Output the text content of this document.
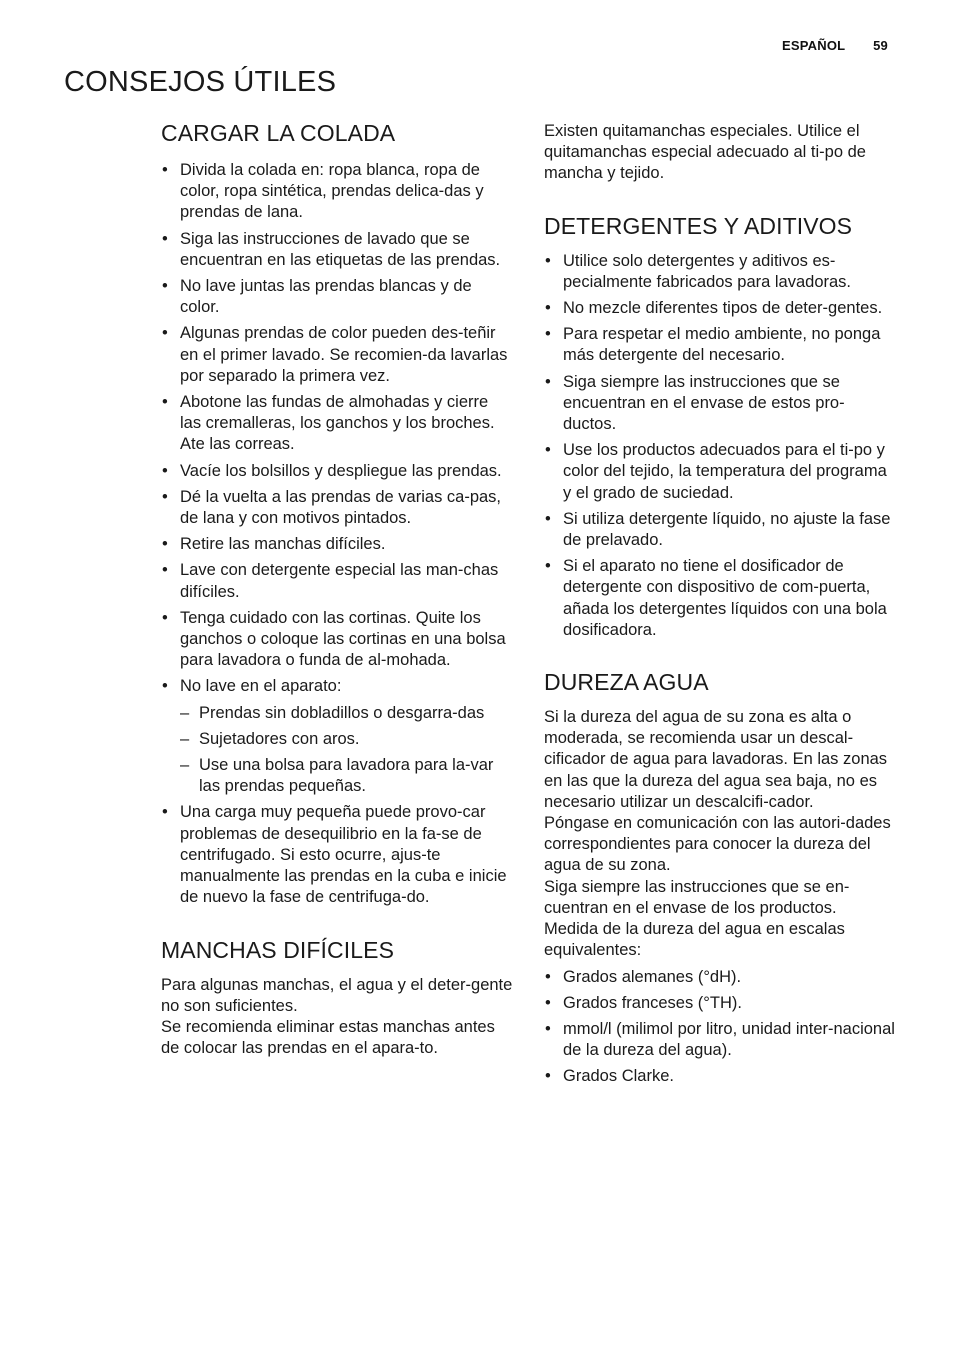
ESPAÑOL 59
CONSEJOS ÚTILES
CARGAR LA COLADA
• Divida la colada en: ropa blanca, ropa de color, ropa sintética, prendas delica-das y prendas de lana.
• Siga las instrucciones de lavado que se encuentran en las etiquetas de las prendas.
• No lave juntas las prendas blancas y de color.
• Algunas prendas de color pueden des-teñir en el primer lavado. Se recomien-da lavarlas por separado la primera vez.
• Abotone las fundas de almohadas y cierre las cremalleras, los ganchos y los broches. Ate las correas.
• Vacíe los bolsillos y despliegue las prendas.
• Dé la vuelta a las prendas de varias ca-pas, de lana y con motivos pintados.
• Retire las manchas difíciles.
• Lave con detergente especial las man-chas difíciles.
• Tenga cuidado con las cortinas. Quite los ganchos o coloque las cortinas en una bolsa para lavadora o funda de al-mohada.
• No lave en el aparato:
– Prendas sin dobladillos o desgarra-das
– Sujetadores con aros.
– Use una bolsa para lavadora para la-var las prendas pequeñas.
• Una carga muy pequeña puede provo-car problemas de desequilibrio en la fa-se de centrifugado. Si esto ocurre, ajus-te manualmente las prendas en la cuba e inicie de nuevo la fase de centrifuga-do.
MANCHAS DIFÍCILES

Para algunas manchas, el agua y el deter-gente no son suficientes.

Se recomienda eliminar estas manchas antes de colocar las prendas en el apara-to.

Existen quitamanchas especiales. Utilice el quitamanchas especial adecuado al ti-po de mancha y tejido.

DETERGENTES Y ADITIVOS
• Utilice solo detergentes y aditivos es-pecialmente fabricados para lavadoras.
• No mezcle diferentes tipos de deter-gentes.
• Para respetar el medio ambiente, no ponga más detergente del necesario.
• Siga siempre las instrucciones que se encuentran en el envase de estos pro-ductos.
• Use los productos adecuados para el ti-po y color del tejido, la temperatura del programa y el grado de suciedad.
• Si utiliza detergente líquido, no ajuste la fase de prelavado.
• Si el aparato no tiene el dosificador de detergente con dispositivo de com-puerta, añada los detergentes líquidos con una bola dosificadora.
DUREZA AGUA

Si la dureza del agua de su zona es alta o moderada, se recomienda usar un descal-cificador de agua para lavadoras. En las zonas en las que la dureza del agua sea baja, no es necesario utilizar un descalcifi-cador.

Póngase en comunicación con las autori-dades correspondientes para conocer la dureza del agua de su zona.

Siga siempre las instrucciones que se en-cuentran en el envase de los productos.

Medida de la dureza del agua en escalas equivalentes:

• Grados alemanes (°dH).
• Grados franceses (°TH).
• mmol/l (milimol por litro, unidad inter-nacional de la dureza del agua).
• Grados Clarke.
